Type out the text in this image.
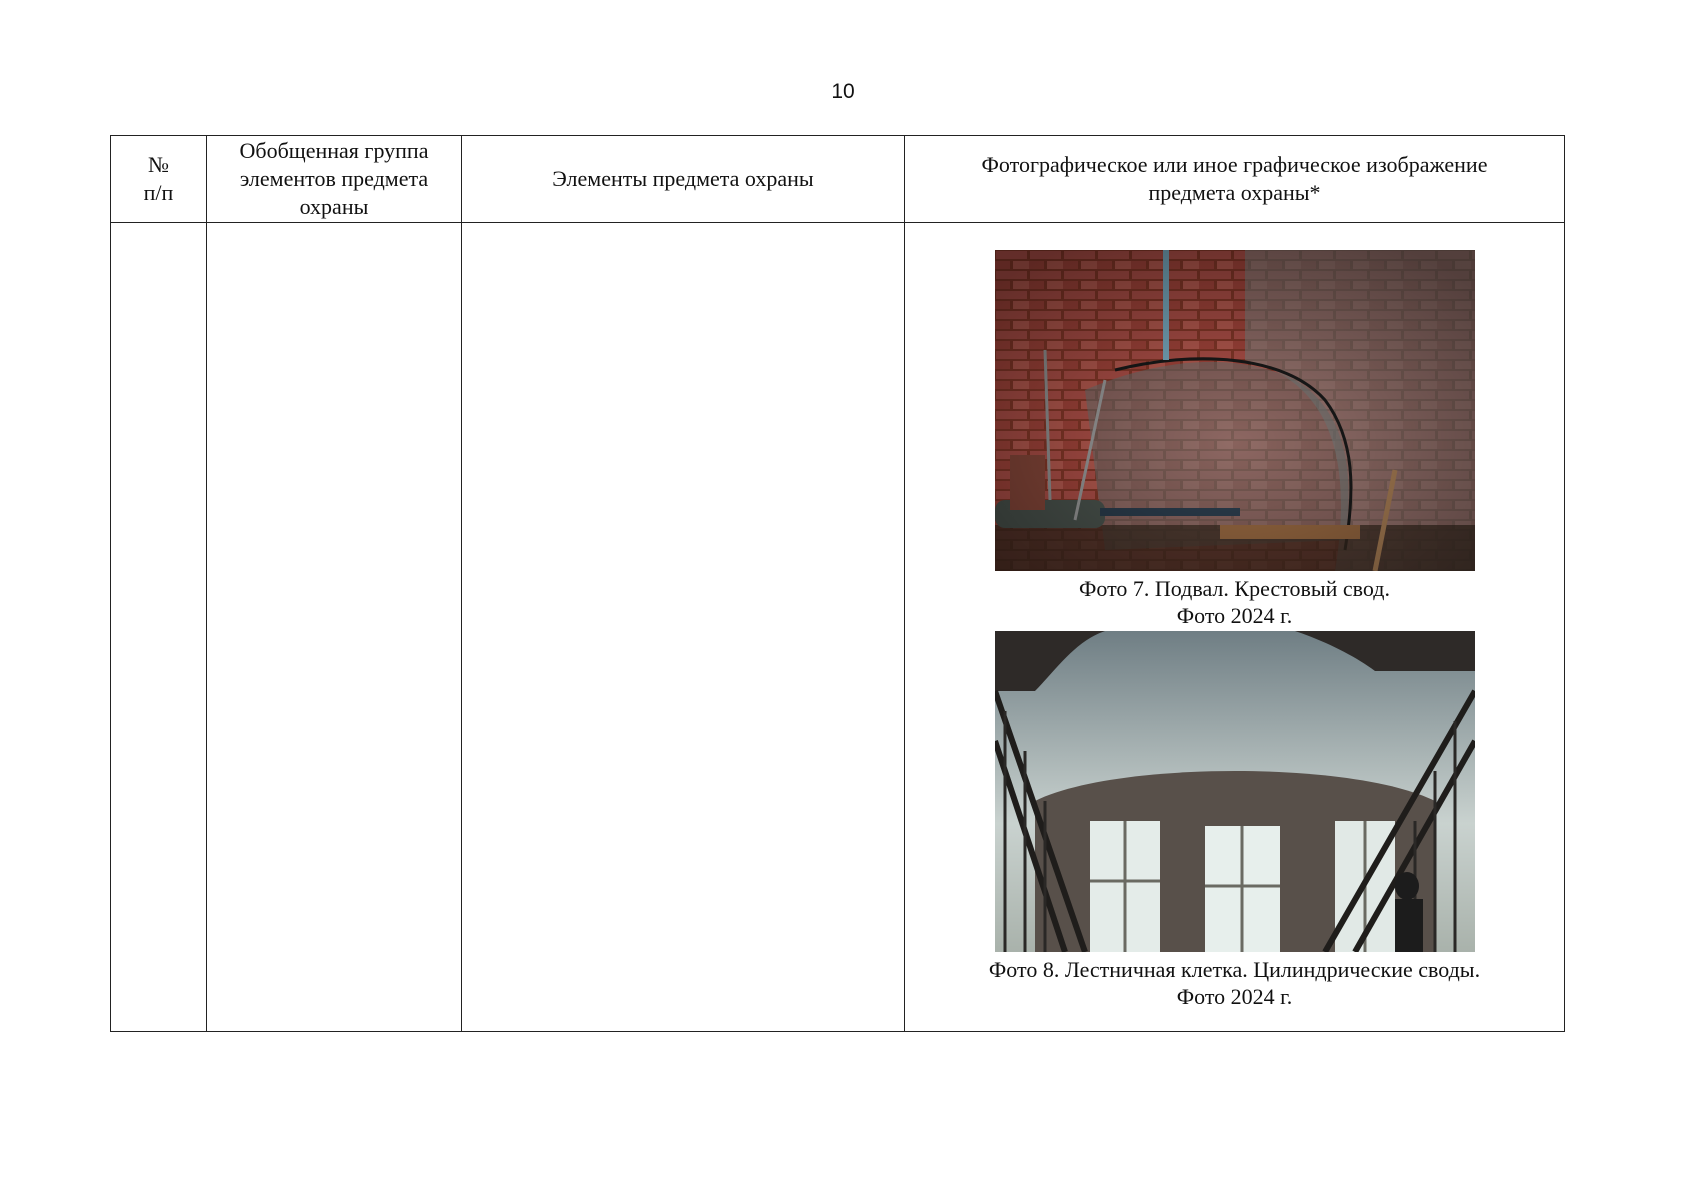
10
№
п/п	Обобщенная группа элементов предмета охраны	Элементы предмета охраны	Фотографическое или иное графическое изображение предмета охраны*

			Фото 7. Подвал. Крестовый свод.
Фото 2024 г.

Фото 8. Лестничная клетка. Цилиндрические своды.
Фото 2024 г.
